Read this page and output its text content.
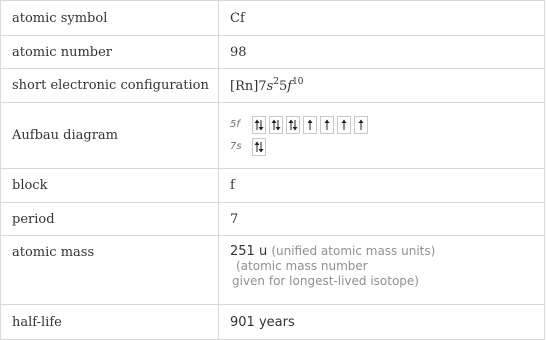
atomic symbol	Cf
atomic number	98
short electronic configuration	$[Rn]7s^25f^{10}$
Aufbau diagram	5f
7s

block	f
period	7
atomic mass	251 u (unified atomic mass units)
(atomic mass number
given for longest-lived isotope)
half-life	901 years
